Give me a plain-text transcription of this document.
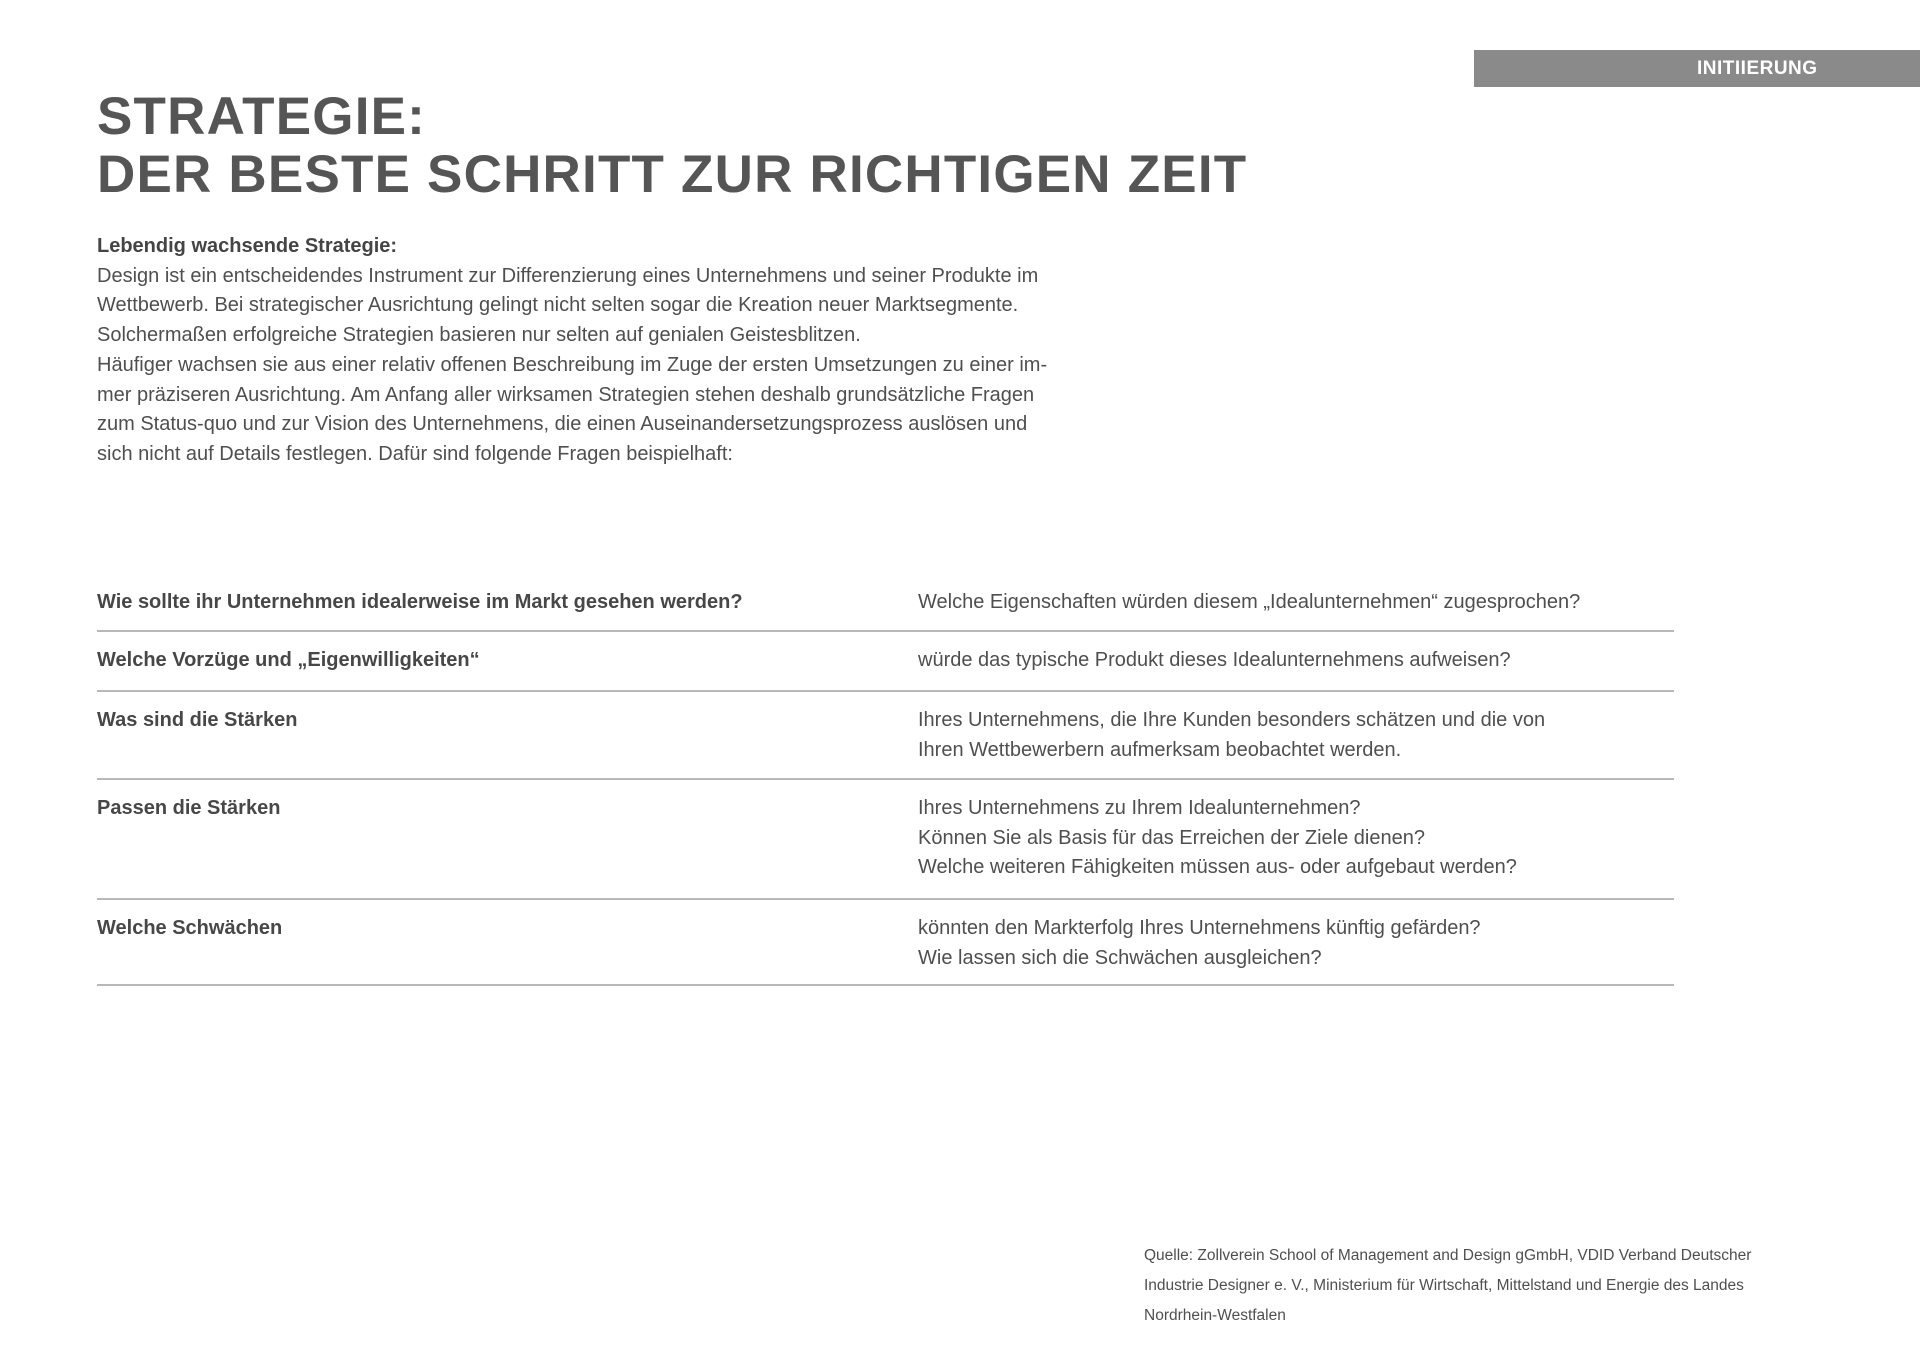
INITIIERUNG
STRATEGIE:
DER BESTE SCHRITT ZUR RICHTIGEN ZEIT
Lebendig wachsende Strategie:
Design ist ein entscheidendes Instrument zur Differenzierung eines Unternehmens und seiner Produkte im
Wettbewerb. Bei strategischer Ausrichtung gelingt nicht selten sogar die Kreation neuer Marktsegmente.
Solchermaßen erfolgreiche Strategien basieren nur selten auf genialen Geistesblitzen.
Häufiger wachsen sie aus einer relativ offenen Beschreibung im Zuge der ersten Umsetzungen zu einer im-
mer präziseren Ausrichtung. Am Anfang aller wirksamen Strategien stehen deshalb grundsätzliche Fragen
zum Status-quo und zur Vision des Unternehmens, die einen Auseinandersetzungsprozess auslösen und
sich nicht auf Details festlegen. Dafür sind folgende Fragen beispielhaft:
Wie sollte ihr Unternehmen idealerweise im Markt gesehen werden?	Welche Eigenschaften würden diesem „Idealunternehmen“ zugesprochen?
Welche Vorzüge und „Eigenwilligkeiten“	würde das typische Produkt dieses Idealunternehmens aufweisen?
Was sind die Stärken	Ihres Unternehmens, die Ihre Kunden besonders schätzen und die von
Ihren Wettbewerbern aufmerksam beobachtet werden.
Passen die Stärken	Ihres Unternehmens zu Ihrem Idealunternehmen?
Können Sie als Basis für das Erreichen der Ziele dienen?
Welche weiteren Fähigkeiten müssen aus- oder aufgebaut werden?
Welche Schwächen	könnten den Markterfolg Ihres Unternehmens künftig gefärden?
Wie lassen sich die Schwächen ausgleichen?
Quelle: Zollverein School of Management and Design gGmbH, VDID Verband Deutscher
Industrie Designer e. V., Ministerium für Wirtschaft, Mittelstand und Energie des Landes
Nordrhein-Westfalen
